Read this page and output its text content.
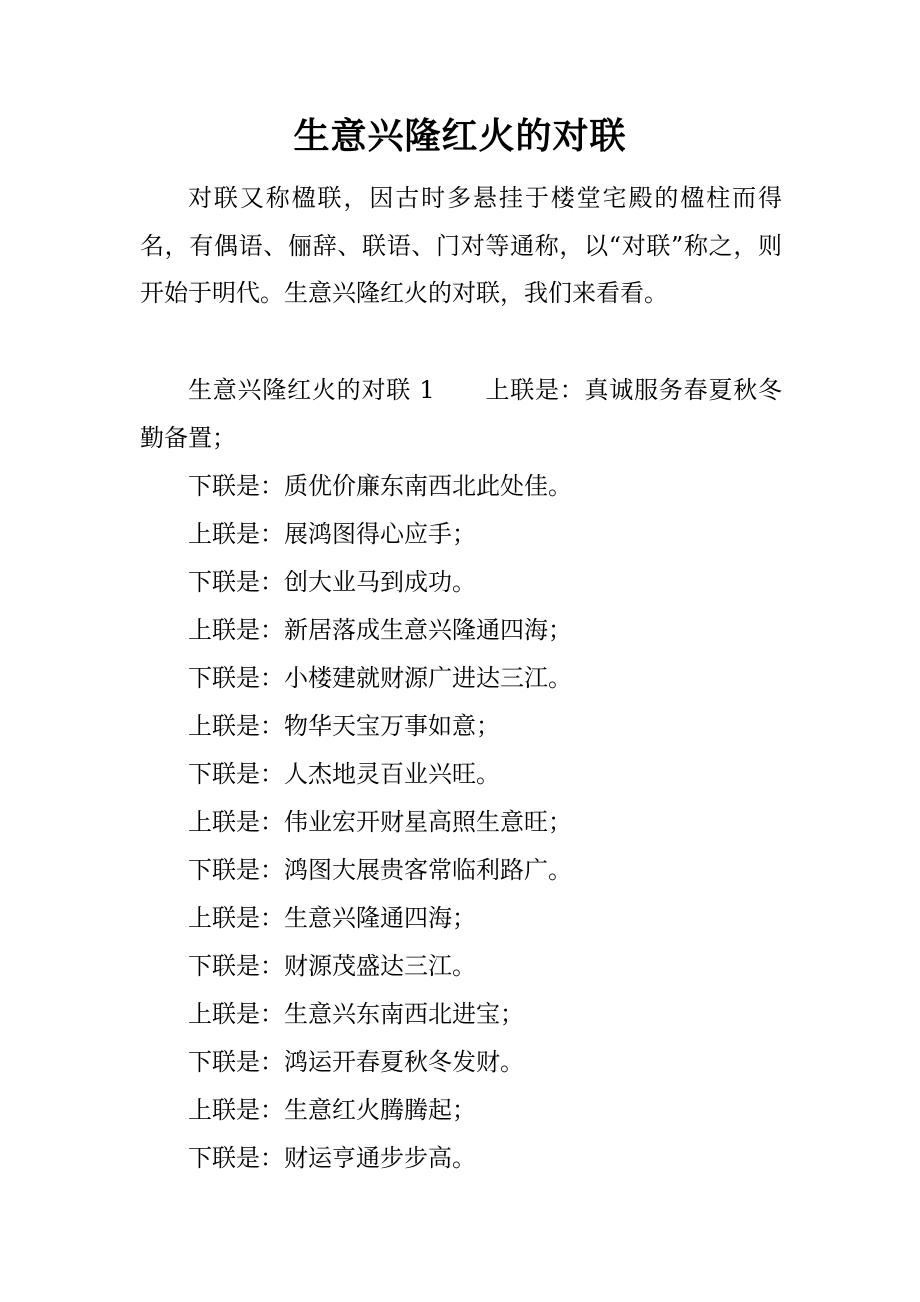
生意兴隆红火的对联

对联又称楹联，因古时多悬挂于楼堂宅殿的楹柱而得名，有偶语、俪辞、联语、门对等通称，以“对联”称之，则开始于明代。生意兴隆红火的对联，我们来看看。

生意兴隆红火的对联 1 上联是：真诚服务春夏秋冬勤备置；

下联是：质优价廉东南西北此处佳。
上联是：展鸿图得心应手；
下联是：创大业马到成功。
上联是：新居落成生意兴隆通四海；
下联是：小楼建就财源广进达三江。
上联是：物华天宝万事如意；
下联是：人杰地灵百业兴旺。
上联是：伟业宏开财星高照生意旺；
下联是：鸿图大展贵客常临利路广。
上联是：生意兴隆通四海；
下联是：财源茂盛达三江。
上联是：生意兴东南西北进宝；
下联是：鸿运开春夏秋冬发财。
上联是：生意红火腾腾起；
下联是：财运亨通步步高。
